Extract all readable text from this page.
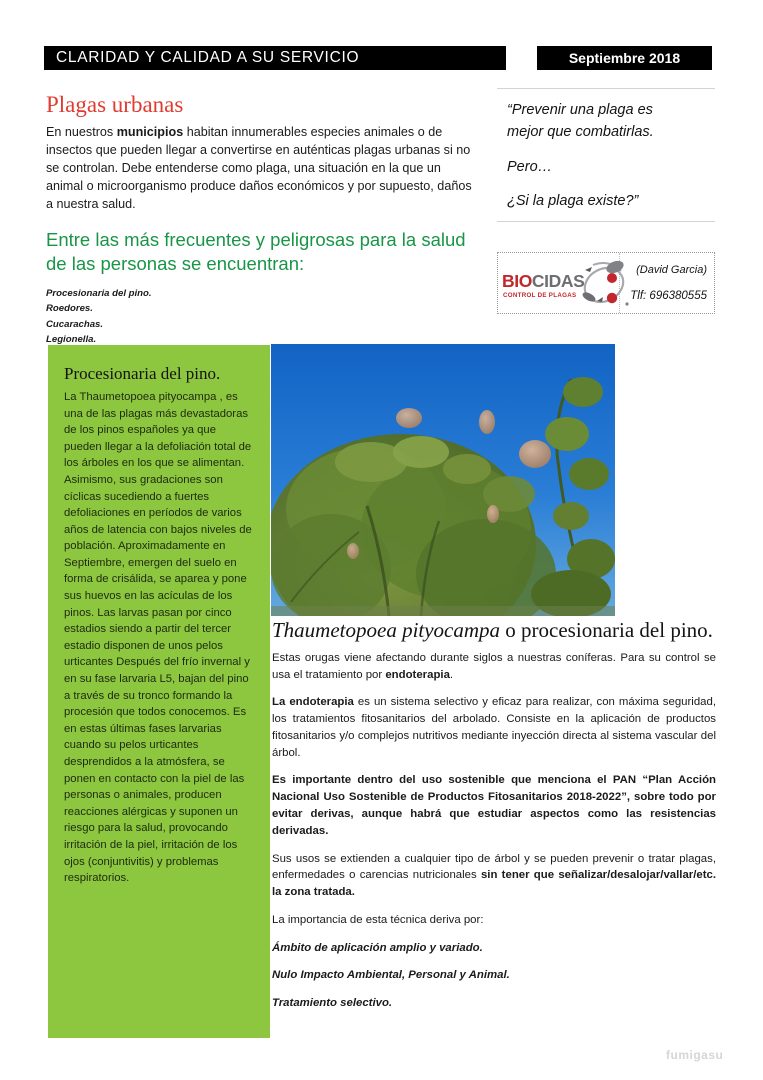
CLARIDAD Y CALIDAD A SU SERVICIO	Septiembre 2018
Plagas urbanas

En nuestros municipios habitan innumerables especies animales o de insectos que pueden llegar a convertirse en auténticas plagas urbanas si no se controlan. Debe entenderse como plaga, una situación en la que un animal o microorganismo produce daños económicos y por supuesto, daños a nuestra salud.

Entre las más frecuentes y peligrosas para la salud de las personas se encuentran:
Procesionaria del pino.
Roedores.
Cucarachas.
Legionella.

“Prevenir una plaga es

mejor que combatirlas.

Pero…

¿Si la plaga existe?”

BIOCIDAS
CONTROL DE PLAGAS
(David Garcia)
Tlf: 696380555
Procesionaria del pino.

La Thaumetopoea pityocampa , es una de las plagas más devastadoras de los pinos españoles ya que pueden llegar a la defoliación total de los árboles en los que se alimentan. Asimismo, sus gradaciones son cíclicas sucediendo a fuertes defoliaciones en períodos de varios años de latencia con bajos niveles de población. Aproximadamente en Septiembre, emergen del suelo en forma de crisálida, se aparea y pone sus huevos en las acículas de los pinos. Las larvas pasan por cinco estadios siendo a partir del tercer estadio disponen de unos pelos urticantes Después del frío invernal y en su fase larvaria L5, bajan del pino a través de su tronco formando la procesión que todos conocemos. Es en estas últimas fases larvarias cuando su pelos urticantes desprendidos a la atmósfera, se ponen en contacto con la piel de las personas o animales, producen reacciones alérgicas y suponen un riesgo para la salud, provocando irritación de la piel, irritación de los ojos (conjuntivitis) y problemas respiratorios.

Thaumetopoea pityocampa o procesionaria del pino.

Estas orugas viene afectando durante siglos a nuestras coníferas. Para su control se usa el tratamiento por endoterapia.

La endoterapia es un sistema selectivo y eficaz para realizar, con máxima seguridad, los tratamientos fitosanitarios del arbolado. Consiste en la aplicación de productos fitosanitarios y/o complejos nutritivos mediante inyección directa al sistema vascular del árbol.

Es importante dentro del uso sostenible que menciona el PAN “Plan Acción Nacional Uso Sostenible de Productos Fitosanitarios 2018-2022”, sobre todo por evitar derivas, aunque habrá que estudiar aspectos como las resistencias derivadas.

Sus usos se extienden a cualquier tipo de árbol y se pueden prevenir o tratar plagas, enfermedades o carencias nutricionales sin tener que señalizar/desalojar/vallar/etc. la zona tratada.

La importancia de esta técnica deriva por:

Ámbito de aplicación amplio y variado.

Nulo Impacto Ambiental, Personal y Animal.

Tratamiento selectivo.

fumigasu
